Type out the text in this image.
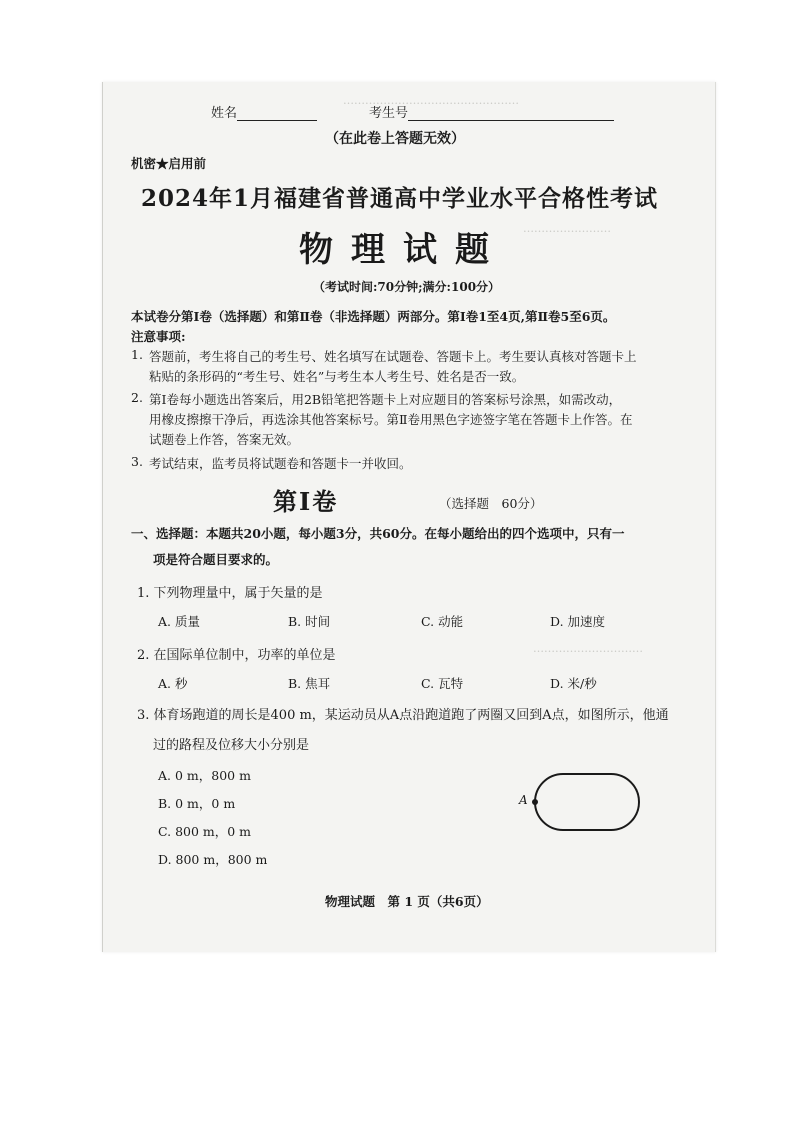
…………………………………………
……………………
…………………………
姓名	考生号
（在此卷上答题无效）
机密★启用前
2024年1月福建省普通高中学业水平合格性考试
物理试题
（考试时间:70分钟;满分:100分）
本试卷分第Ⅰ卷（选择题）和第Ⅱ卷（非选择题）两部分。第Ⅰ卷1至4页,第Ⅱ卷5至6页。
注意事项:
1. 答题前，考生将自己的考生号、姓名填写在试题卷、答题卡上。考生要认真核对答题卡上
粘贴的条形码的“考生号、姓名”与考生本人考生号、姓名是否一致。
2. 第Ⅰ卷每小题选出答案后，用2B铅笔把答题卡上对应题目的答案标号涂黑，如需改动，
用橡皮擦擦干净后，再选涂其他答案标号。第Ⅱ卷用黑色字迹签字笔在答题卡上作答。在
试题卷上作答，答案无效。
3. 考试结束，监考员将试题卷和答题卡一并收回。
第Ⅰ卷	（选择题　60分）
一、选择题：本题共20小题，每小题3分，共60分。在每小题给出的四个选项中，只有一
项是符合题目要求的。
1. 下列物理量中，属于矢量的是
A. 质量	B. 时间	C. 动能	D. 加速度
2. 在国际单位制中，功率的单位是
A. 秒	B. 焦耳	C. 瓦特	D. 米/秒
3. 体育场跑道的周长是400 m，某运动员从A点沿跑道跑了两圈又回到A点，如图所示，他通
过的路程及位移大小分别是
A. 0 m，800 m
B. 0 m，0 m
C. 800 m，0 m
D. 800 m，800 m
A
物理试题　第 1 页（共6页）
